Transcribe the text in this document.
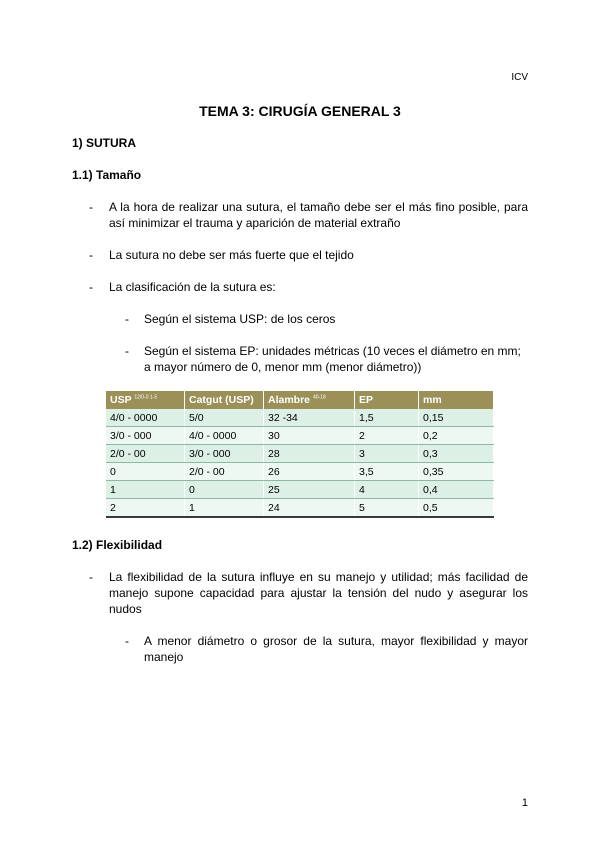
ICV
TEMA 3: CIRUGÍA GENERAL 3
1) SUTURA
1.1) Tamaño
-	A la hora de realizar una sutura, el tamaño debe ser el más fino posible, para así minimizar el trauma y aparición de material extraño
-	La sutura no debe ser más fuerte que el tejido
-	La clasificación de la sutura es:
-	Según el sistema USP: de los ceros
-	Según el sistema EP: unidades métricas (10 veces el diámetro en mm; a mayor número de 0, menor mm (menor diámetro))
USP $^{12/0-0 1-5}$	Catgut (USP)	Alambre $^{40-18}$	EP	mm
4/0 - 0000	5/0	32 -34	1,5	0,15
3/0 - 000	4/0 - 0000	30	2	0,2
2/0 - 00	3/0 - 000	28	3	0,3
0	2/0 - 00	26	3,5	0,35
1	0	25	4	0,4
2	1	24	5	0,5
1.2) Flexibilidad
-	La flexibilidad de la sutura influye en su manejo y utilidad; más facilidad de manejo supone capacidad para ajustar la tensión del nudo y asegurar los nudos
-	A menor diámetro o grosor de la sutura, mayor flexibilidad y mayor manejo
1
